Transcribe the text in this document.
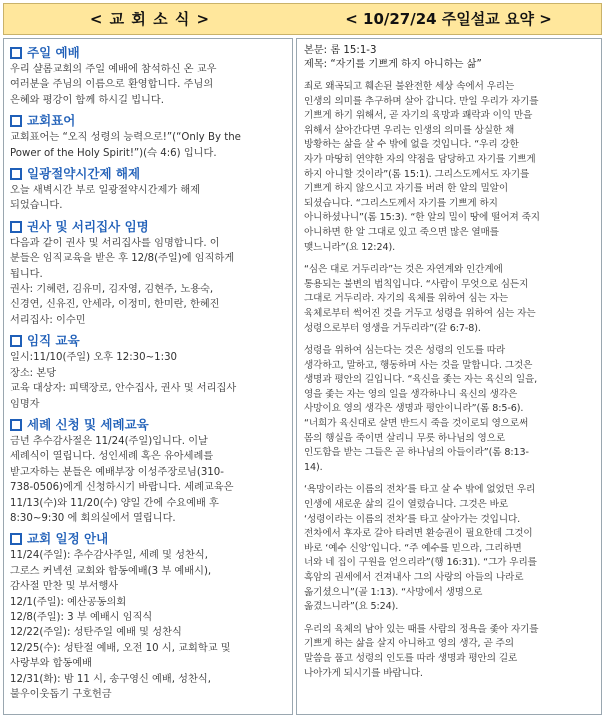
< 교 회 소 식 >	< 10/27/24 주일설교 요약 >
주일 예배

우리 샬롬교회의 주일 예배에 참석하신 온 교우

여러분을 주님의 이름으로 환영합니다. 주님의

은혜와 평강이 함께 하시길 빕니다.

교회표어

교회표어는 “오직 성령의 능력으로!”(“Only By the

Power of the Holy Spirit!”)(슥 4:6) 입니다.

일광절약시간제 해제

오늘 새벽시간 부로 일광절약시간제가 해제

되었습니다.

권사 및 서리집사 임명

다음과 같이 권사 및 서리집사를 임명합니다. 이

분들은 임직교육을 받은 후 12/8(주일)에 임직하게

됩니다.

권사: 기혜련, 김유미, 김자영, 김현주, 노용숙,

신경연, 신유진, 안세라, 이정미, 한미란, 한혜진

서리집사: 이수민

임직 교육

일시:11/10(주일) 오후 12:30~1:30

장소: 본당

교육 대상자: 피택장로, 안수집사, 권사 및 서리집사

임명자

세례 신청 및 세례교육

금년 추수감사절은 11/24(주일)입니다. 이날

세례식이 열립니다. 성인세례 혹은 유아세례를

받고자하는 분들은 예배부장 이성주장로님(310-

738-0506)에게 신청하시기 바랍니다. 세례교육은

11/13(수)와 11/20(수) 양일 간에 수요예배 후

8:30~9:30 에 회의실에서 열립니다.

교회 일정 안내

11/24(주일): 추수감사주일, 세례 및 성찬식,

그로스 커넥션 교회와 합동예배(3 부 예배시),

감사절 만찬 및 부서행사

12/1(주일): 예산공동의회

12/8(주일): 3 부 예배시 임직식

12/22(주일): 성탄주일 예배 및 성찬식

12/25(수): 성탄절 예배, 오전 10 시, 교회학교 및

사랑부와 합동예배

12/31(화): 밤 11 시, 송구영신 예배, 성찬식,

불우이웃돕기 구호헌금

본문: 롬 15:1-3

제목: “자기를 기쁘게 하지 아니하는 삶”

죄로 왜곡되고 훼손된 불완전한 세상 속에서 우리는

인생의 의미를 추구하며 살아 갑니다. 만일 우리가 자기를

기쁘게 하기 위해서, 곧 자기의 육망과 쾌락과 이익 만을

위해서 살아간다면 우리는 인생의 의미를 상실한 채

방황하는 삶을 살 수 밖에 없을 것입니다. “우리 강한

자가 마땅히 연약한 자의 약점을 담당하고 자기를 기쁘게

하지 아니할 것이라”(롬 15:1). 그리스도께서도 자기를

기쁘게 하지 않으시고 자기를 버려 한 알의 밀알이

되셨습니다. “그리스도께서 자기를 기쁘게 하지

아니하셨나니”(롬 15:3). “한 알의 밀이 땅에 떨어져 죽지

아니하면 한 알 그대로 있고 죽으면 많은 열매를

맺느니라”(요 12:24).

“심은 대로 거두리라”는 것은 자연계와 인간계에

통용되는 불변의 법칙입니다. “사람이 무엇으로 심든지

그대로 거두리라. 자기의 육체를 위하여 심는 자는

육체로부터 썩어진 것을 거두고 성령을 위하여 심는 자는

성령으로부터 영생을 거두리라”(갈 6:7-8).

성령을 위하여 심는다는 것은 성령의 인도를 따라

생각하고, 말하고, 행동하며 사는 것을 말합니다. 그것은

생명과 평안의 길입니다. “육신을 좇는 자는 육신의 일을,

영을 좇는 자는 영의 일을 생각하나니 육신의 생각은

사망이요 영의 생각은 생명과 평안이니라”(롬 8:5-6).

“너희가 육신대로 살면 반드시 죽을 것이로되 영으로써

몸의 행실을 죽이면 살리니 무릇 하나님의 영으로

인도함을 받는 그들은 곧 하나님의 아들이라”(롬 8:13-

14).

‘욕망이라는 이름의 전차’를 타고 살 수 밖에 없었던 우리

인생에 새로운 삶의 길이 열렸습니다. 그것은 바로

‘성령이라는 이름의 전차’를 타고 살아가는 것입니다.

전차에서 후자로 갈아 타려면 환승권이 필요한데 그것이

바로 ‘예수 신앙’입니다. “주 예수를 믿으라, 그리하면

너와 네 집이 구원을 얻으리라”(행 16:31). “그가 우리를

흑암의 권세에서 건져내사 그의 사랑의 아들의 나라로

옮기셨으니”(골 1:13). “사망에서 생명으로

옮겼느니라”(요 5:24).

우리의 육체의 남아 있는 때를 사람의 정욕을 좇아 자기를

기쁘게 하는 삶을 살지 아니하고 영의 생각, 곧 주의

말씀을 품고 성령의 인도를 따라 생명과 평안의 길로

나아가게 되시기를 바랍니다.
